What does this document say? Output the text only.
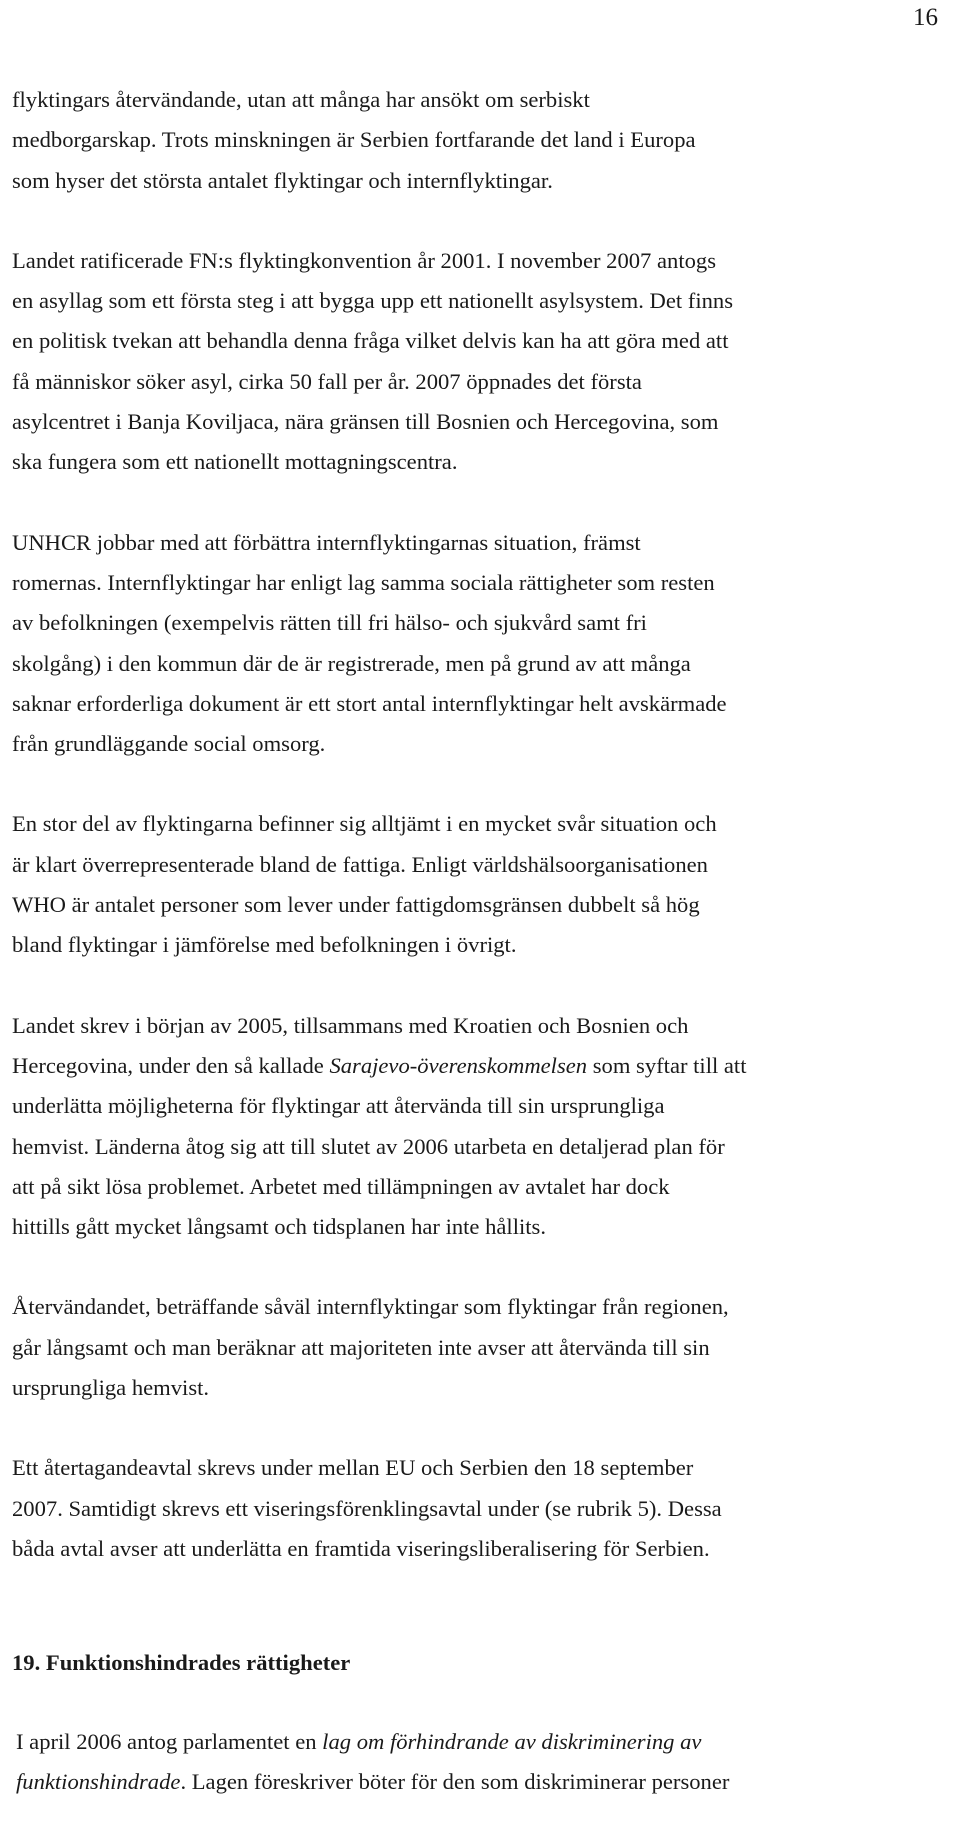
16

flyktingars återvändande, utan att många har ansökt om serbiskt
medborgarskap. Trots minskningen är Serbien fortfarande det land i Europa
som hyser det största antalet flyktingar och internflyktingar.

Landet ratificerade FN:s flyktingkonvention år 2001. I november 2007 antogs
en asyllag som ett första steg i att bygga upp ett nationellt asylsystem. Det finns
en politisk tvekan att behandla denna fråga vilket delvis kan ha att göra med att
få människor söker asyl, cirka 50 fall per år. 2007 öppnades det första
asylcentret i Banja Koviljaca, nära gränsen till Bosnien och Hercegovina, som
ska fungera som ett nationellt mottagningscentra.

UNHCR jobbar med att förbättra internflyktingarnas situation, främst
romernas. Internflyktingar har enligt lag samma sociala rättigheter som resten
av befolkningen (exempelvis rätten till fri hälso- och sjukvård samt fri
skolgång) i den kommun där de är registrerade, men på grund av att många
saknar erforderliga dokument är ett stort antal internflyktingar helt avskärmade
från grundläggande social omsorg.

En stor del av flyktingarna befinner sig alltjämt i en mycket svår situation och
är klart överrepresenterade bland de fattiga. Enligt världshälsoorganisationen
WHO är antalet personer som lever under fattigdomsgränsen dubbelt så hög
bland flyktingar i jämförelse med befolkningen i övrigt.

Landet skrev i början av 2005, tillsammans med Kroatien och Bosnien och
Hercegovina, under den så kallade Sarajevo-överenskommelsen som syftar till att
underlätta möjligheterna för flyktingar att återvända till sin ursprungliga
hemvist. Länderna åtog sig att till slutet av 2006 utarbeta en detaljerad plan för
att på sikt lösa problemet. Arbetet med tillämpningen av avtalet har dock
hittills gått mycket långsamt och tidsplanen har inte hållits.

Återvändandet, beträffande såväl internflyktingar som flyktingar från regionen,
går långsamt och man beräknar att majoriteten inte avser att återvända till sin
ursprungliga hemvist.

Ett återtagandeavtal skrevs under mellan EU och Serbien den 18 september
2007. Samtidigt skrevs ett viseringsförenklingsavtal under (se rubrik 5). Dessa
båda avtal avser att underlätta en framtida viseringsliberalisering för Serbien.

19. Funktionshindrades rättigheter

I april 2006 antog parlamentet en lag om förhindrande av diskriminering av
funktionshindrade. Lagen föreskriver böter för den som diskriminerar personer
